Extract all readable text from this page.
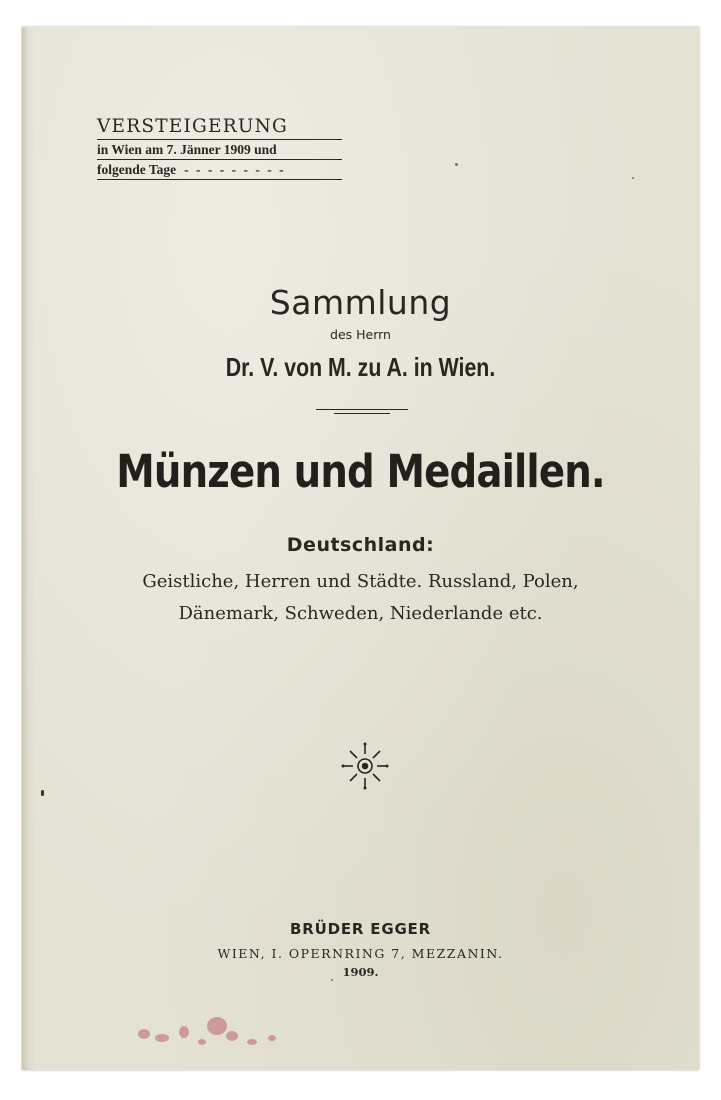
VERSTEIGERUNG
in Wien am 7. Jänner 1909 und
folgende Tage - - - - - - - - -
Sammlung
des Herrn
Dr. V. von M. zu A. in Wien.
Münzen und Medaillen.
Deutschland:
Geistliche, Herren und Städte. Russland, Polen,
Dänemark, Schweden, Niederlande etc.
BRÜDER EGGER
WIEN, I. OPERNRING 7, MEZZANIN.
1909.
